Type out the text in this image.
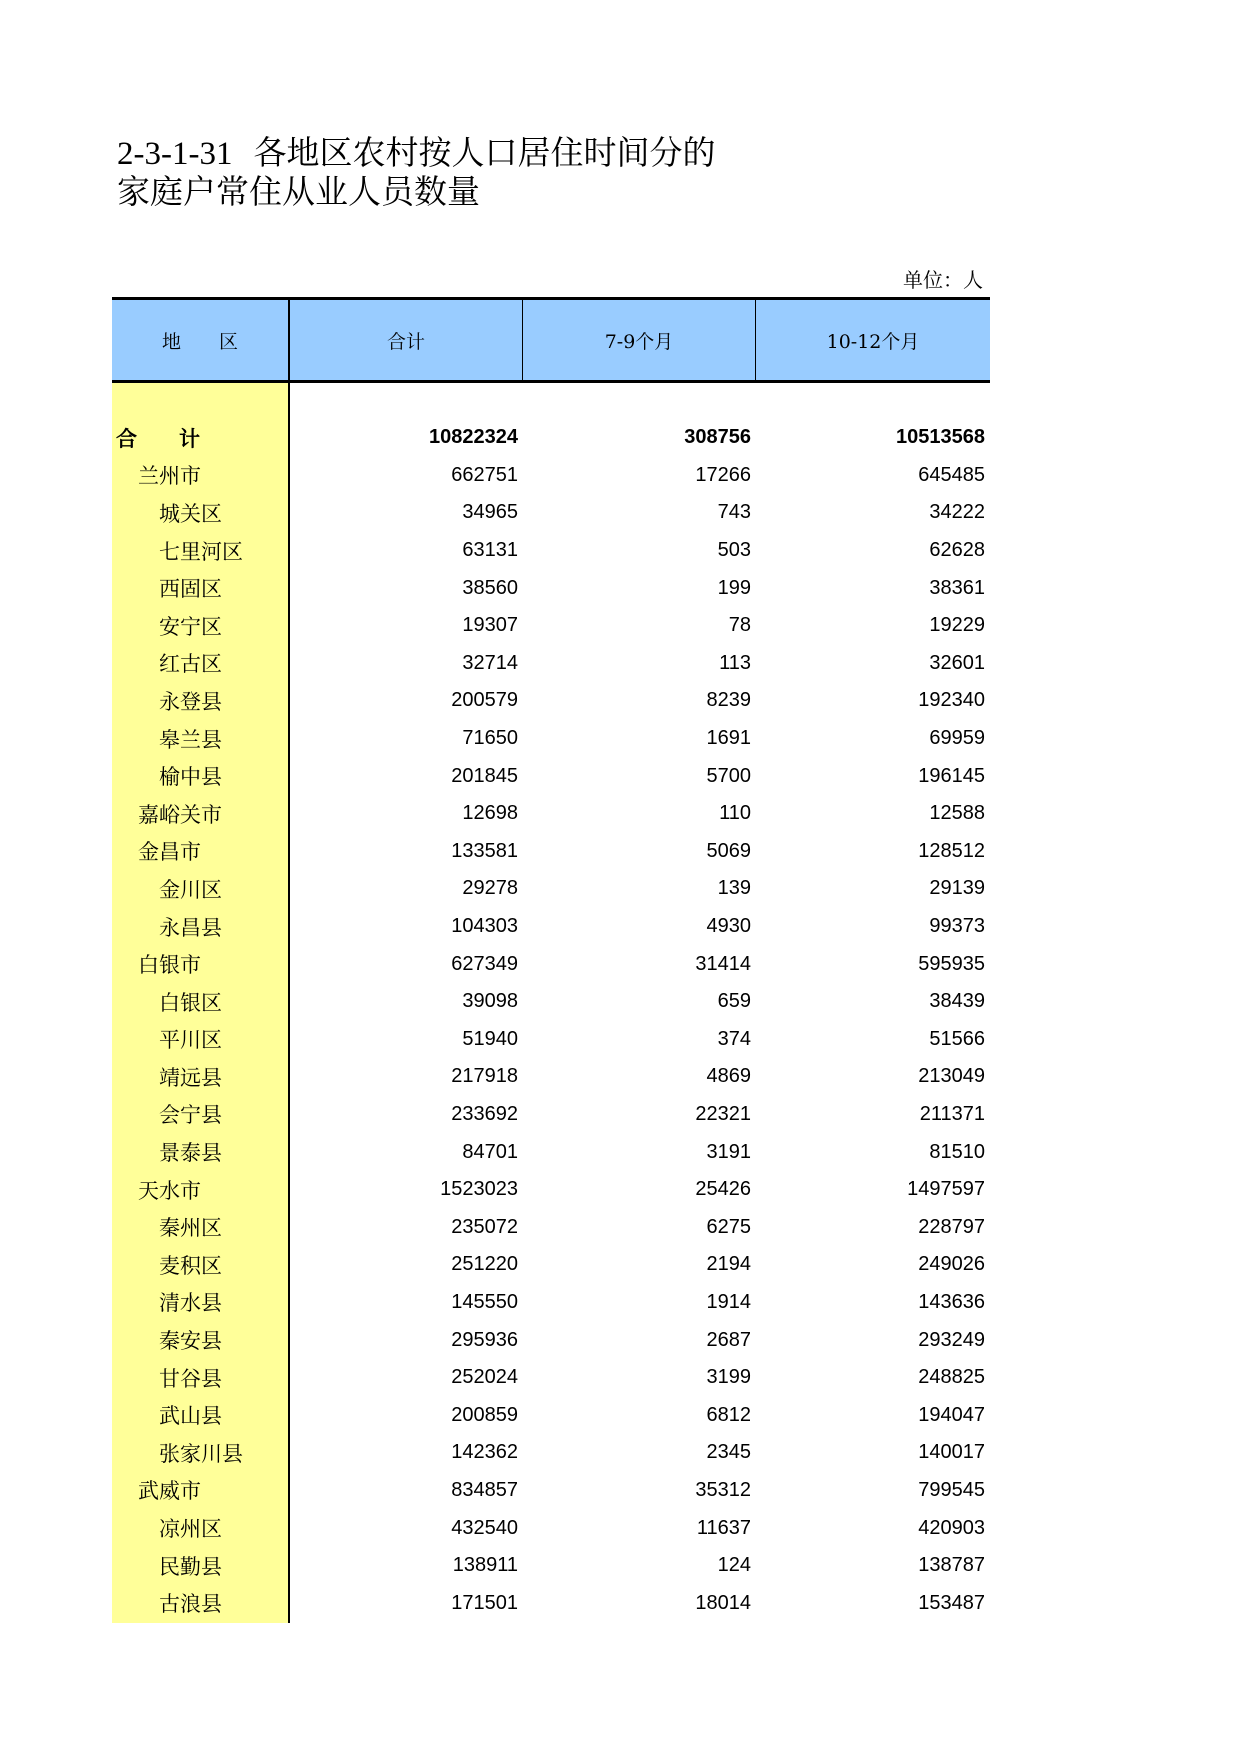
2-3-1-31 各地区农村按人口居住时间分的
家庭户常住从业人员数量
单位：人
地　　区	合计	7-9个月	10-12个月
合　　计	10822324	308756	10513568
兰州市	662751	17266	645485
城关区	34965	743	34222
七里河区	63131	503	62628
西固区	38560	199	38361
安宁区	19307	78	19229
红古区	32714	113	32601
永登县	200579	8239	192340
皋兰县	71650	1691	69959
榆中县	201845	5700	196145
嘉峪关市	12698	110	12588
金昌市	133581	5069	128512
金川区	29278	139	29139
永昌县	104303	4930	99373
白银市	627349	31414	595935
白银区	39098	659	38439
平川区	51940	374	51566
靖远县	217918	4869	213049
会宁县	233692	22321	211371
景泰县	84701	3191	81510
天水市	1523023	25426	1497597
秦州区	235072	6275	228797
麦积区	251220	2194	249026
清水县	145550	1914	143636
秦安县	295936	2687	293249
甘谷县	252024	3199	248825
武山县	200859	6812	194047
张家川县	142362	2345	140017
武威市	834857	35312	799545
凉州区	432540	11637	420903
民勤县	138911	124	138787
古浪县	171501	18014	153487
